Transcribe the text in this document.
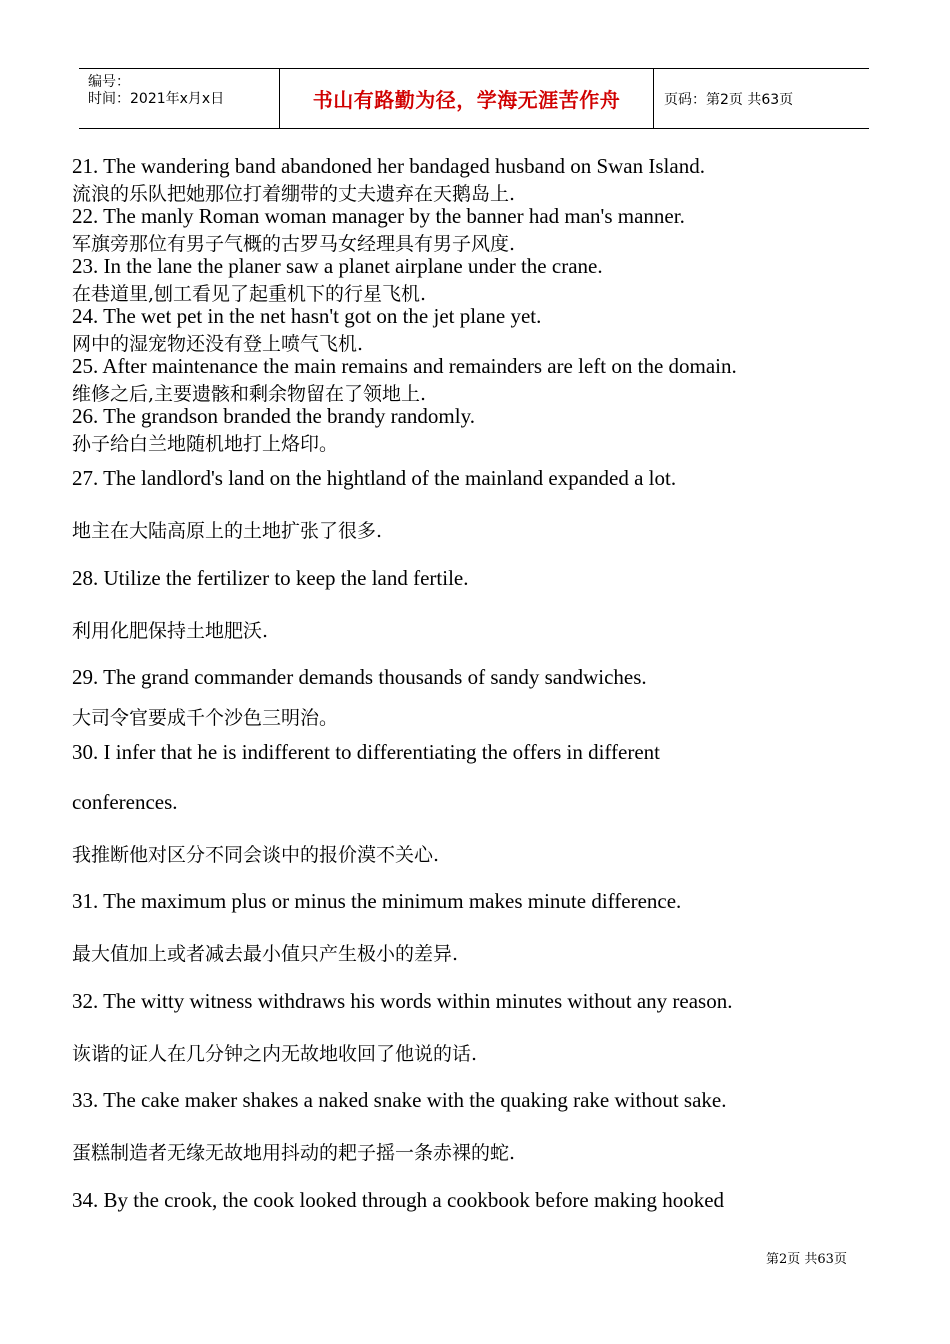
编号：
时间：2021年x月x日	书山有路勤为径，学海无涯苦作舟	页码：第2页 共63页
21. The wandering band abandoned her bandaged husband on Swan Island.
流浪的乐队把她那位打着绷带的丈夫遗弃在天鹅岛上.
22. The manly Roman woman manager by the banner had man's manner.
军旗旁那位有男子气概的古罗马女经理具有男子风度.
23. In the lane the planer saw a planet airplane under the crane.
在巷道里,刨工看见了起重机下的行星飞机.
24. The wet pet in the net hasn't got on the jet plane yet.
网中的湿宠物还没有登上喷气飞机.
25. After maintenance the main remains and remainders are left on the domain.
维修之后,主要遗骸和剩余物留在了领地上.
26. The grandson branded the brandy randomly.
孙子给白兰地随机地打上烙印。
27. The landlord's land on the hightland of the mainland expanded a lot.
地主在大陆高原上的土地扩张了很多.
28. Utilize the fertilizer to keep the land fertile.
利用化肥保持土地肥沃.
29. The grand commander demands thousands of sandy sandwiches.
大司令官要成千个沙色三明治。
30. I infer that he is indifferent to differentiating the offers in different
conferences.
我推断他对区分不同会谈中的报价漠不关心.
31. The maximum plus or minus the minimum makes minute difference.
最大值加上或者减去最小值只产生极小的差异.
32. The witty witness withdraws his words within minutes without any reason.
诙谐的证人在几分钟之内无故地收回了他说的话.
33. The cake maker shakes a naked snake with the quaking rake without sake.
蛋糕制造者无缘无故地用抖动的耙子摇一条赤裸的蛇.
34. By the crook, the cook looked through a cookbook before making hooked
第2页 共63页
